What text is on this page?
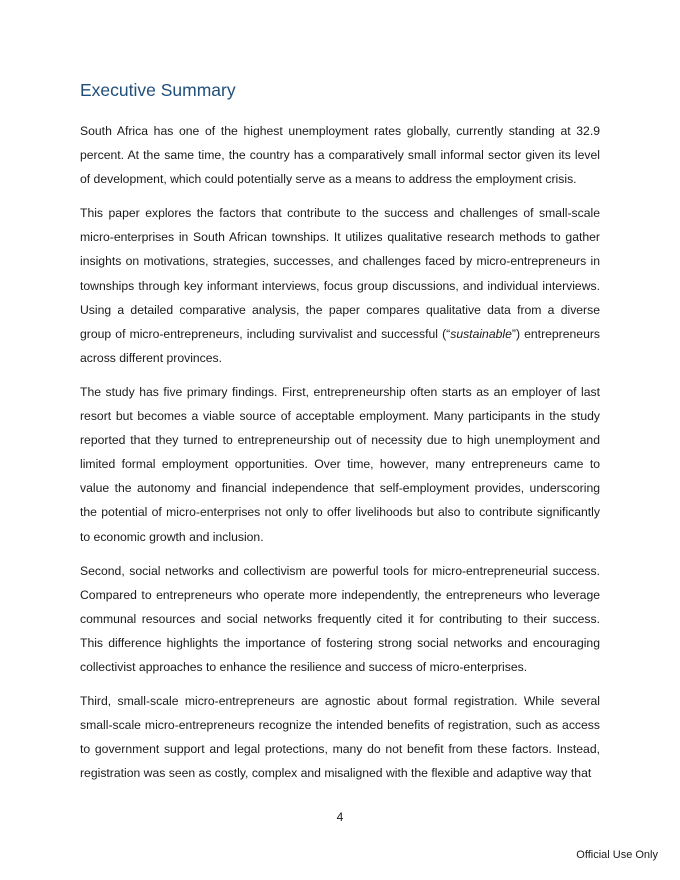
Executive Summary

South Africa has one of the highest unemployment rates globally, currently standing at 32.9 percent. At the same time, the country has a comparatively small informal sector given its level of development, which could potentially serve as a means to address the employment crisis.

This paper explores the factors that contribute to the success and challenges of small-scale micro-enterprises in South African townships. It utilizes qualitative research methods to gather insights on motivations, strategies, successes, and challenges faced by micro-entrepreneurs in townships through key informant interviews, focus group discussions, and individual interviews. Using a detailed comparative analysis, the paper compares qualitative data from a diverse group of micro-entrepreneurs, including survivalist and successful (“sustainable”) entrepreneurs across different provinces.

The study has five primary findings. First, entrepreneurship often starts as an employer of last resort but becomes a viable source of acceptable employment. Many participants in the study reported that they turned to entrepreneurship out of necessity due to high unemployment and limited formal employment opportunities. Over time, however, many entrepreneurs came to value the autonomy and financial independence that self-employment provides, underscoring the potential of micro-enterprises not only to offer livelihoods but also to contribute significantly to economic growth and inclusion.

Second, social networks and collectivism are powerful tools for micro-entrepreneurial success. Compared to entrepreneurs who operate more independently, the entrepreneurs who leverage communal resources and social networks frequently cited it for contributing to their success. This difference highlights the importance of fostering strong social networks and encouraging collectivist approaches to enhance the resilience and success of micro-enterprises.

Third, small-scale micro-entrepreneurs are agnostic about formal registration. While several small-scale micro-entrepreneurs recognize the intended benefits of registration, such as access to government support and legal protections, many do not benefit from these factors. Instead, registration was seen as costly, complex and misaligned with the flexible and adaptive way that

4
Official Use Only
